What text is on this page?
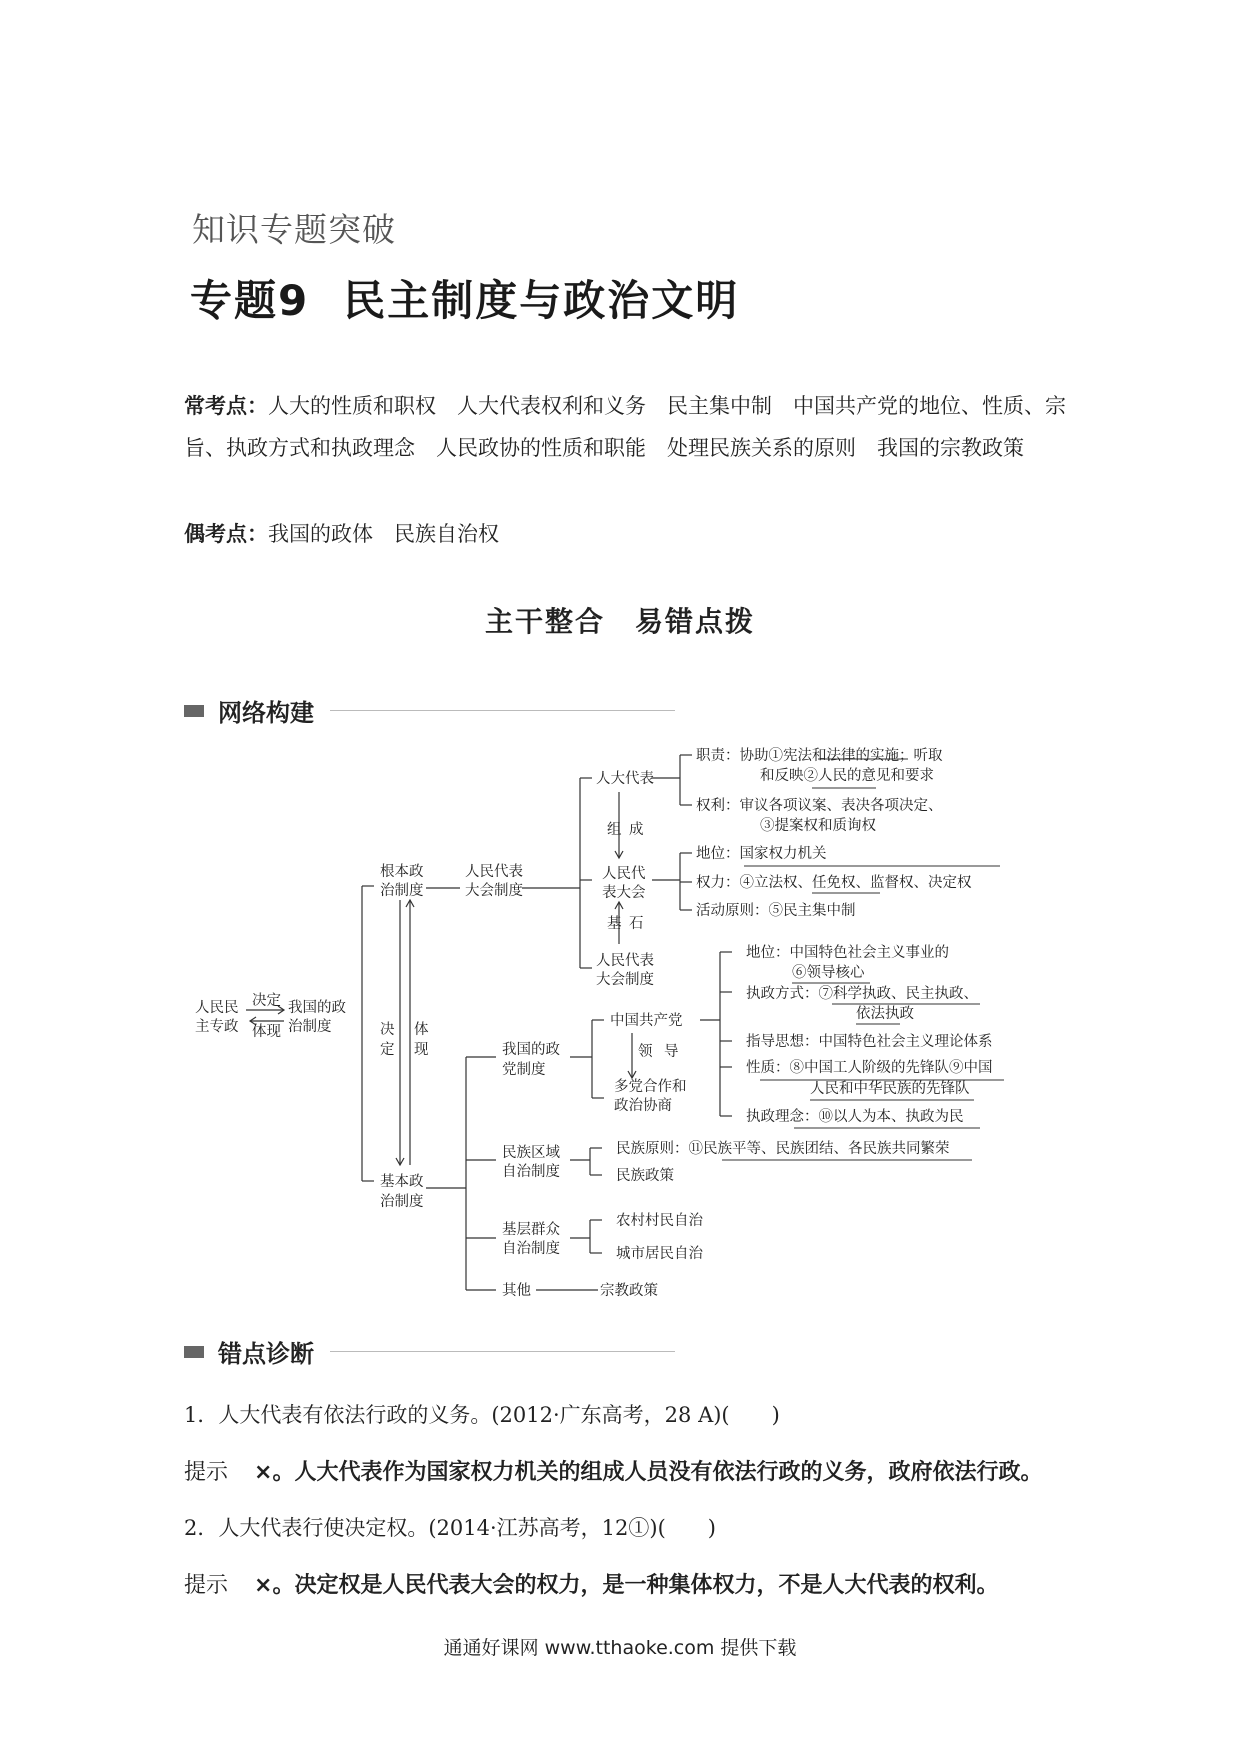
知识专题突破
专题9 民主制度与政治文明
常考点：人大的性质和职权　人大代表权利和义务　民主集中制　中国共产党的地位、性质、宗旨、执政方式和执政理念　人民政协的性质和职能　处理民族关系的原则　我国的宗教政策
偶考点：我国的政体　民族自治权
主干整合　易错点拨
网络构建
人民民
主专政
决定
体现
我国的政
治制度	决
定
体
现
根本政
治制度
基本政
治制度
人民代表
大会制度
人大代表
组 成
人民代
表大会
基 石
人民代表
大会制度
职责：协助①宪法和法律的实施；听取
和反映②人民的意见和要求
权利：审议各项议案、表决各项决定、
③提案权和质询权
地位：国家权力机关
权力：④立法权、任免权、监督权、决定权
活动原则：⑤民主集中制
我国的政
党制度
中国共产党
领 导
多党合作和
政治协商
地位：中国特色社会主义事业的
⑥领导核心
执政方式：⑦科学执政、民主执政、
依法执政
指导思想：中国特色社会主义理论体系
性质：⑧中国工人阶级的先锋队⑨中国
人民和中华民族的先锋队
执政理念：⑩以人为本、执政为民
民族区域
自治制度
民族原则：⑪民族平等、民族团结、各民族共同繁荣
民族政策
基层群众
自治制度
农村村民自治
城市居民自治
其他	宗教政策
错点诊断
1．人大代表有依法行政的义务。(2012·广东高考，28 A)(　　)
提示 ×。人大代表作为国家权力机关的组成人员没有依法行政的义务，政府依法行政。
2．人大代表行使决定权。(2014·江苏高考，12①)(　　)
提示 ×。决定权是人民代表大会的权力，是一种集体权力，不是人大代表的权利。
通通好课网 www.tthaoke.com 提供下载
